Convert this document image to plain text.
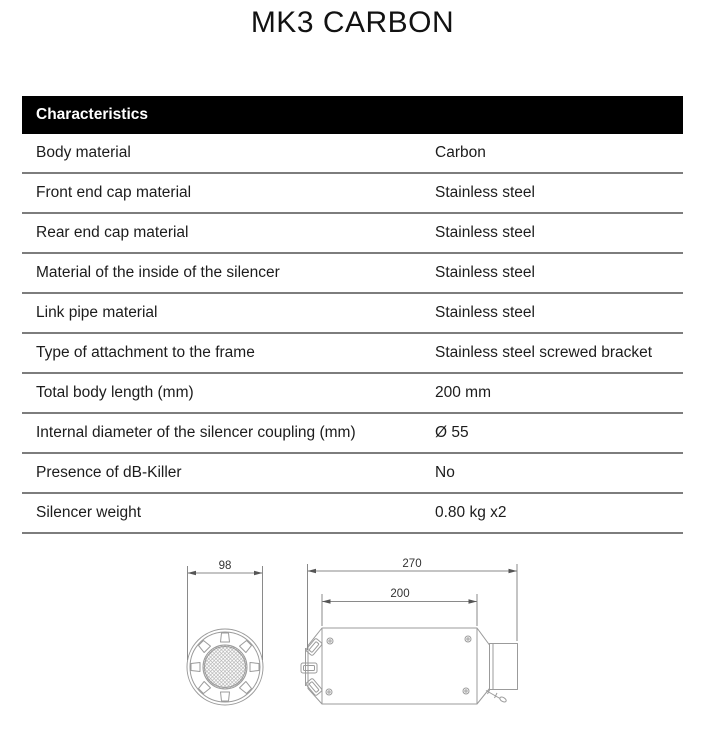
MK3 CARBON
Characteristics
Body material	Carbon
Front end cap material	Stainless steel
Rear end cap material	Stainless steel
Material of the inside of the silencer	Stainless steel
Link pipe material	Stainless steel
Type of attachment to the frame	Stainless steel screwed bracket
Total body length (mm)	200 mm
Internal diameter of the silencer coupling (mm)	Ø 55
Presence of dB-Killer	No
Silencer weight	0.80 kg x2
98	270
200
